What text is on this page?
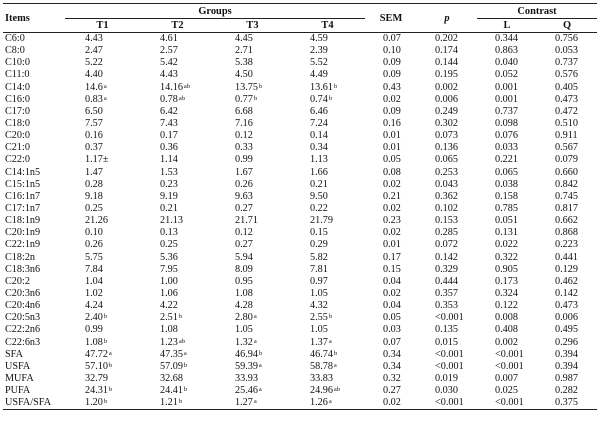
Items	Groups				SEM	p	Contrast	
	T1	T2	T3	T4			L	Q
C6:0	4.43	4.61	4.45	4.59	0.07	0.202	0.344	0.756
C8:0	2.47	2.57	2.71	2.39	0.10	0.174	0.863	0.053
C10:0	5.22	5.42	5.38	5.52	0.09	0.144	0.040	0.737
C11:0	4.40	4.43	4.50	4.49	0.09	0.195	0.052	0.576
C14:0	14.6$^a$	14.16$^{ab}$	13.75$^b$	13.61$^b$	0.43	0.002	0.001	0.405
C16:0	0.83$^a$	0.78$^{ab}$	0.77$^b$	0.74$^b$	0.02	0.006	0.001	0.473
C17:0	6.50	6.42	6.68	6.46	0.09	0.249	0.737	0.472
C18:0	7.57	7.43	7.16	7.24	0.16	0.302	0.098	0.510
C20:0	0.16	0.17	0.12	0.14	0.01	0.073	0.076	0.911
C21:0	0.37	0.36	0.33	0.34	0.01	0.136	0.033	0.567
C22:0	1.17±	1.14	0.99	1.13	0.05	0.065	0.221	0.079
C14:1n5	1.47	1.53	1.67	1.66	0.08	0.253	0.065	0.660
C15:1n5	0.28	0.23	0.26	0.21	0.02	0.043	0.038	0.842
C16:1n7	9.18	9.19	9.63	9.50	0.21	0.362	0.158	0.745
C17:1n7	0.25	0.21	0.27	0.22	0.02	0.102	0.785	0.817
C18:1n9	21.26	21.13	21.71	21.79	0.23	0.153	0.051	0.662
C20:1n9	0.10	0.13	0.12	0.15	0.02	0.285	0.131	0.868
C22:1n9	0.26	0.25	0.27	0.29	0.01	0.072	0.022	0.223
C18:2n	5.75	5.36	5.94	5.82	0.17	0.142	0.322	0.441
C18:3n6	7.84	7.95	8.09	7.81	0.15	0.329	0.905	0.129
C20:2	1.04	1.00	0.95	0.97	0.04	0.444	0.173	0.462
C20:3n6	1.02	1.06	1.08	1.05	0.02	0.357	0.324	0.142
C20:4n6	4.24	4.22	4.28	4.32	0.04	0.353	0.122	0.473
C20:5n3	2.40$^b$	2.51$^b$	2.80$^a$	2.55$^b$	0.05	<0.001	0.008	0.006
C22:2n6	0.99	1.08	1.05	1.05	0.03	0.135	0.408	0.495
C22:6n3	1.08$^b$	1.23$^{ab}$	1.32$^a$	1.37$^a$	0.07	0.015	0.002	0.296
SFA	47.72$^a$	47.35$^a$	46.94$^b$	46.74$^b$	0.34	<0.001	<0.001	0.394
USFA	57.10$^b$	57.09$^b$	59.39$^a$	58.78$^a$	0.34	<0.001	<0.001	0.394
MUFA	32.79	32.68	33.93	33.83	0.32	0.019	0.007	0.987
PUFA	24.31$^b$	24.41$^b$	25.46$^a$	24.96$^{ab}$	0.27	0.030	0.025	0.282
USFA/SFA	1.20$^b$	1.21$^b$	1.27$^a$	1.26$^a$	0.02	<0.001	<0.001	0.375
